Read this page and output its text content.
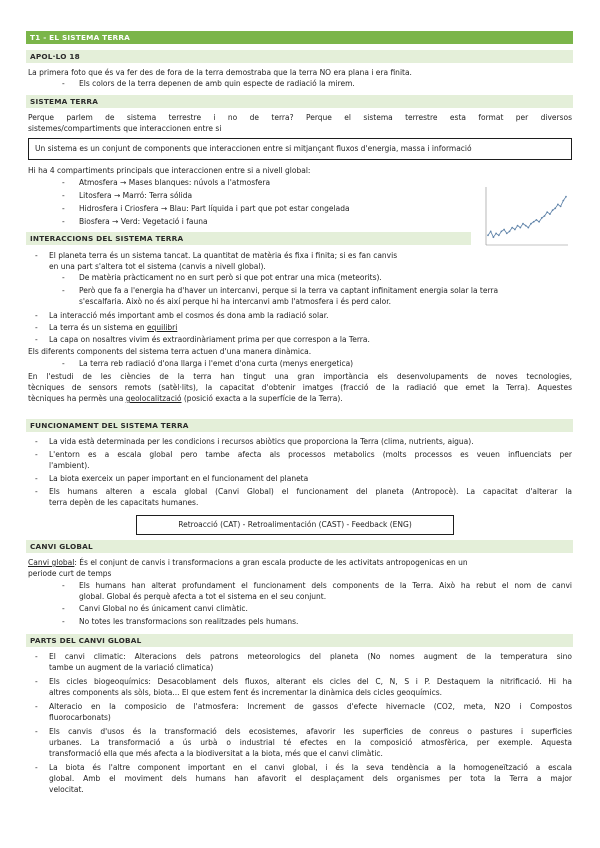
T1 - EL SISTEMA TERRA
APOL·LO 18
La primera foto que és va fer des de fora de la terra demostraba que la terra NO era plana i era finita.
- Els colors de la terra depenen de amb quin especte de radiació la mirem.
SISTEMA TERRA
Perque parlem de sistema terrestre i no de terra? Perque el sistema terrestre esta format per diversos
sistemes/compartiments que interaccionen entre si
Un sistema es un conjunt de components que interaccionen entre si mitjançant fluxos d'energia, massa i informació
Hi ha 4 compartiments principals que interaccionen entre si a nivell global:
- Atmosfera → Mases blanques: núvols a l'atmosfera
- Litosfera → Marró: Terra sólida
- Hidrosfera i Criosfera → Blau: Part líquida i part que pot estar congelada
- Biosfera → Verd: Vegetació i fauna
INTERACCIONS DEL SISTEMA TERRA
- El planeta terra és un sistema tancat. La quantitat de matèria és fixa i finita; si es fan canvis
en una part s'altera tot el sistema (canvis a nivell global).
- De matèria pràcticament no en surt però si que pot entrar una mica (meteorits).
- Però que fa a l'energia ha d'haver un intercanvi, perque si la terra va captant infinitament energia solar la terra
s'escalfaria. Això no és així perque hi ha intercanvi amb l'atmosfera i és perd calor.
- La interacció més important amb el cosmos és dona amb la radiació solar.
- La terra és un sistema en equilibri
- La capa on nosaltres vivim és extraordinàriament prima per que correspon a la Terra.
Els diferents components del sistema terra actuen d'una manera dinàmica.
- La terra reb radiació d'ona llarga i l'emet d'ona curta (menys energetica)
En l'estudi de les ciències de la terra han tingut una gran importància els desenvolupaments de noves tecnologies,
tècniques de sensors remots (satèl·lits), la capacitat d'obtenir imatges (fracció de la radiació que emet la Terra). Aquestes
tècniques ha permès una geolocalització (posició exacta a la superfície de la Terra).
FUNCIONAMENT DEL SISTEMA TERRA
- La vida està determinada per les condicions i recursos abiòtics que proporciona la Terra (clima, nutrients, aigua).
- L'entorn es a escala global pero tambe afecta als processos metabolics (molts processos es veuen influenciats per
l'ambient).
- La biota exerceix un paper important en el funcionament del planeta
- Els humans alteren a escala global (Canvi Global) el funcionament del planeta (Antropocè). La capacitat d'alterar la
terra depèn de les capacitats humanes.
Retroacció (CAT) - Retroalimentación (CAST) - Feedback (ENG)
CANVI GLOBAL
Canvi global: És el conjunt de canvis i transformacions a gran escala producte de les activitats antropogenicas en un
periode curt de temps
- Els humans han alterat profundament el funcionament dels components de la Terra. Això ha rebut el nom de canvi
global. Global és perquè afecta a tot el sistema en el seu conjunt.
- Canvi Global no és únicament canvi climàtic.
- No totes les transformacions son realitzades pels humans.
PARTS DEL CANVI GLOBAL
- El canvi climatic: Alteracions dels patrons meteorologics del planeta (No nomes augment de la temperatura sino
tambe un augment de la variació climatica)
- Els cicles biogeoquímics: Desacoblament dels fluxos, alterant els cicles del C, N, S i P. Destaquem la nitrificació. Hi ha
altres components als sòls, biota... El que estem fent és incrementar la dinàmica dels cicles geoquímics.
- Alteracio en la composicio de l'atmosfera: Increment de gassos d'efecte hivernacle (CO2, meta, N2O i Compostos
fluorocarbonats)
- Els canvis d'usos és la transformació dels ecosistemes, afavorir les superficies de conreus o pastures i superficies
urbanes. La transformació a ús urbà o industrial té efectes en la composició atmosfèrica, per exemple. Aquesta
transformació ella que més afecta a la biodiversitat a la biota, més que el canvi climàtic.
- La biota és l'altre component important en el canvi global, i és la seva tendència a la homogeneïtzació a escala
global. Amb el moviment dels humans han afavorit el desplaçament dels organismes per tota la Terra a major
velocitat.
